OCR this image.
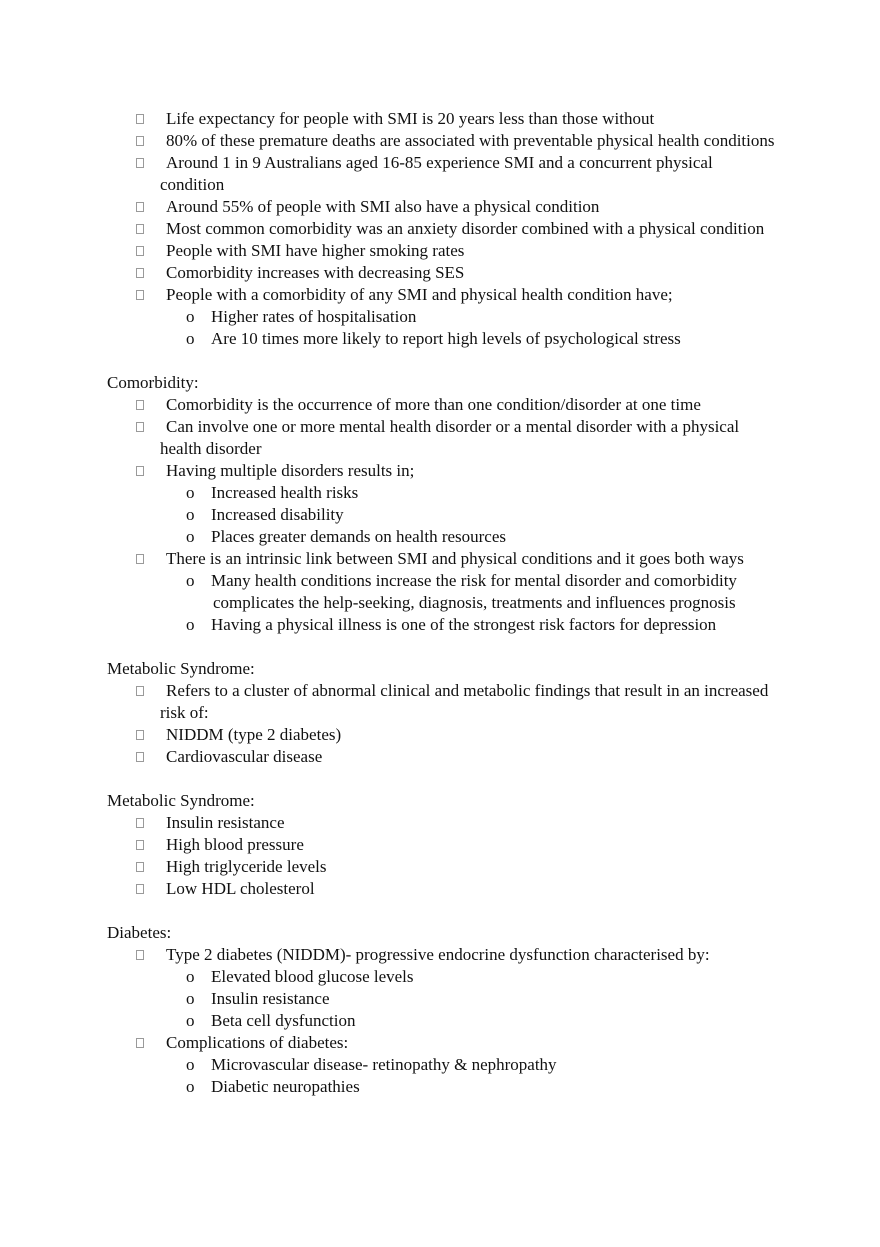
Life expectancy for people with SMI is 20 years less than those without
80% of these premature deaths are associated with preventable physical health conditions
Around 1 in 9 Australians aged 16-85 experience SMI and a concurrent physical condition
Around 55% of people with SMI also have a physical condition
Most common comorbidity was an anxiety disorder combined with a physical condition
People with SMI have higher smoking rates
Comorbidity increases with decreasing SES
People with a comorbidity of any SMI and physical health condition have;
o Higher rates of hospitalisation
o Are 10 times more likely to report high levels of psychological stress
Comorbidity:
Comorbidity is the occurrence of more than one condition/disorder at one time
Can involve one or more mental health disorder or a mental disorder with a physical health disorder
Having multiple disorders results in;
o Increased health risks
o Increased disability
o Places greater demands on health resources
There is an intrinsic link between SMI and physical conditions and it goes both ways
o Many health conditions increase the risk for mental disorder and comorbidity complicates the help-seeking, diagnosis, treatments and influences prognosis
o Having a physical illness is one of the strongest risk factors for depression
Metabolic Syndrome:
Refers to a cluster of abnormal clinical and metabolic findings that result in an increased risk of:
NIDDM (type 2 diabetes)
Cardiovascular disease
Metabolic Syndrome:
Insulin resistance
High blood pressure
High triglyceride levels
Low HDL cholesterol
Diabetes:
Type 2 diabetes (NIDDM)- progressive endocrine dysfunction characterised by:
o Elevated blood glucose levels
o Insulin resistance
o Beta cell dysfunction
Complications of diabetes:
o Microvascular disease- retinopathy & nephropathy
o Diabetic neuropathies
